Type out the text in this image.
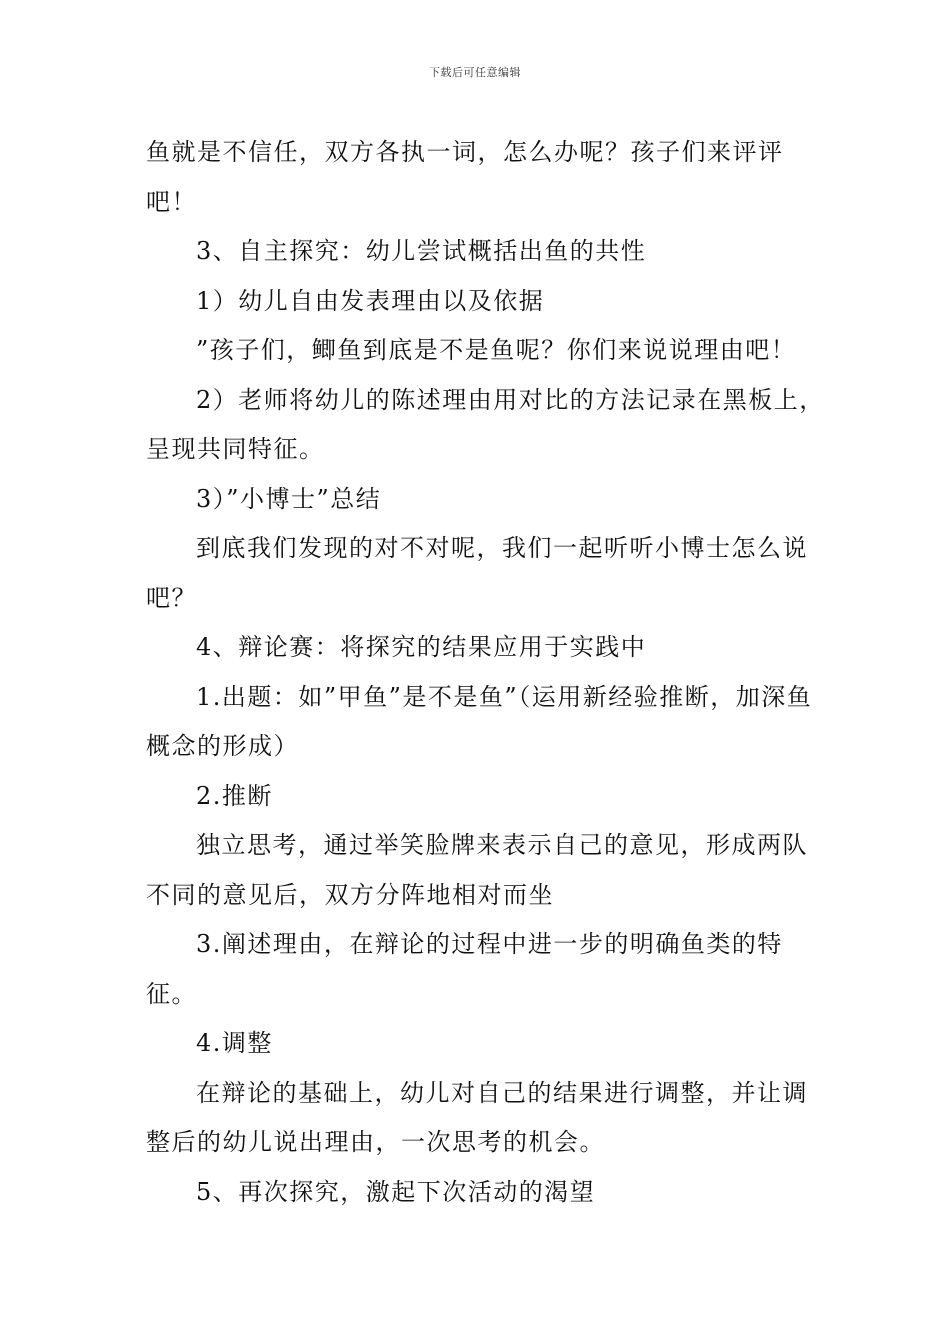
下载后可任意编辑

鱼就是不信任，双方各执一词，怎么办呢？孩子们来评评吧！

3、自主探究：幼儿尝试概括出鱼的共性

1）幼儿自由发表理由以及依据

”孩子们，鲫鱼到底是不是鱼呢？你们来说说理由吧！

2）老师将幼儿的陈述理由用对比的方法记录在黑板上，呈现共同特征。

3）”小博士”总结

到底我们发现的对不对呢，我们一起听听小博士怎么说吧？

4、辩论赛：将探究的结果应用于实践中

1.出题：如”甲鱼”是不是鱼”（运用新经验推断，加深鱼概念的形成）

2.推断

独立思考，通过举笑脸牌来表示自己的意见，形成两队不同的意见后，双方分阵地相对而坐

3.阐述理由，在辩论的过程中进一步的明确鱼类的特征。

4.调整

在辩论的基础上，幼儿对自己的结果进行调整，并让调整后的幼儿说出理由，一次思考的机会。

5、再次探究，激起下次活动的渴望
